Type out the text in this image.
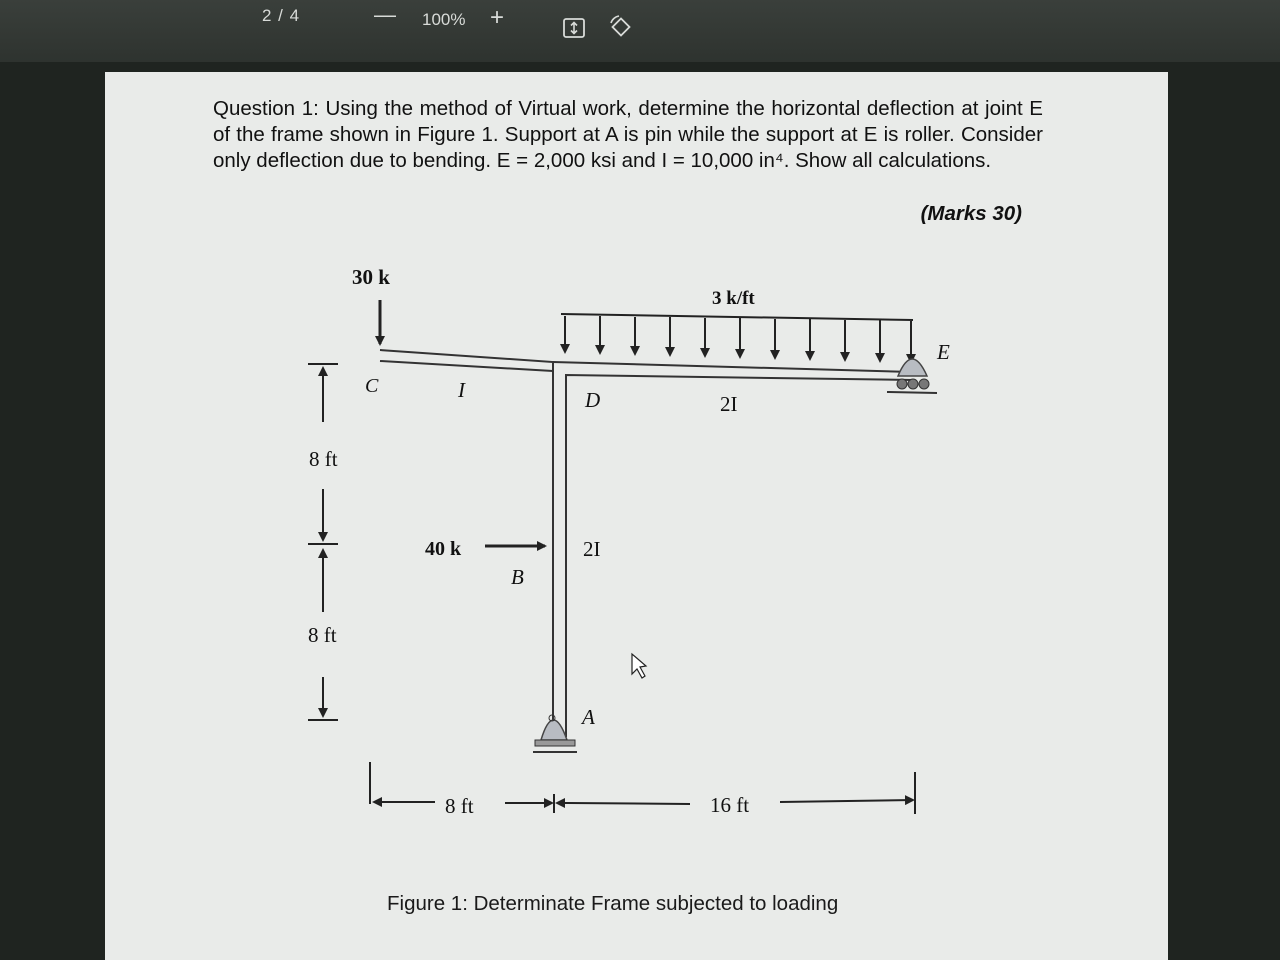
2 / 4	— 100% +
Question 1: Using the method of Virtual work, determine the horizontal deflection at joint E of the frame shown in Figure 1. Support at A is pin while the support at E is roller. Consider only deflection due to bending. E = 2,000 ksi and I = 10,000 in⁴. Show all calculations.
(Marks 30)
30 k
3 k/ft
40 k
C
D
E
B
A
I
2I
2I
8 ft
8 ft
8 ft	16 ft
Figure 1: Determinate Frame subjected to loading
